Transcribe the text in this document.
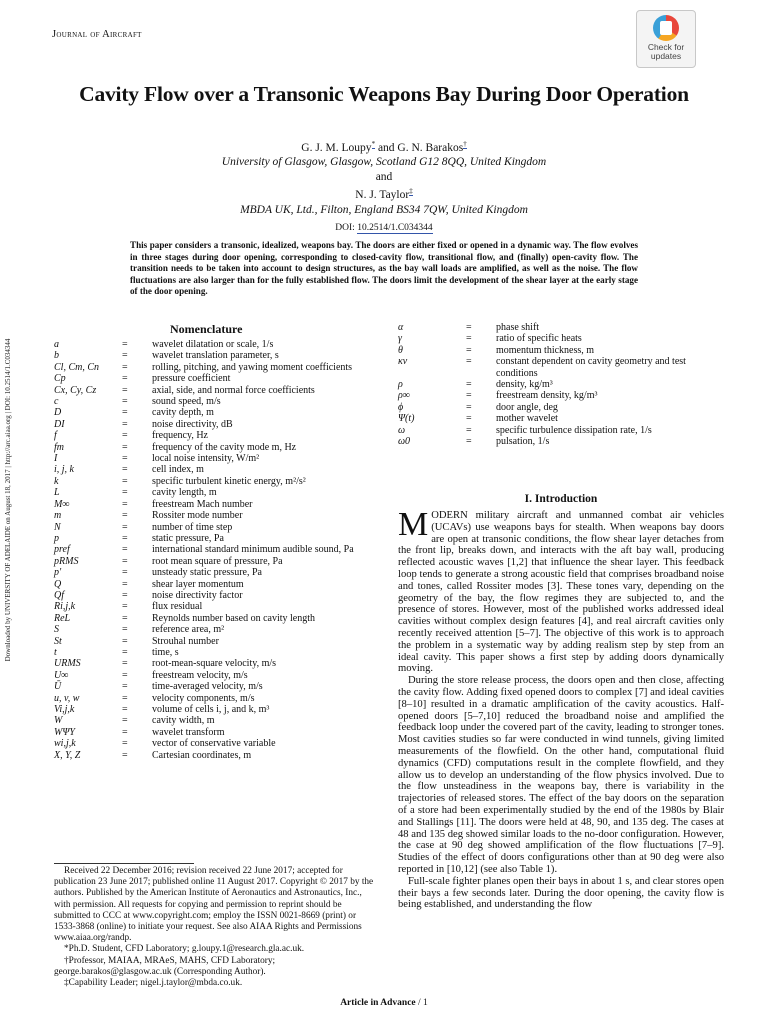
Journal of Aircraft
Check for
updates
Downloaded by UNIVERSITY OF ADELAIDE on August 18, 2017 | http://arc.aiaa.org | DOI: 10.2514/1.C034344
Cavity Flow over a Transonic Weapons Bay During Door Operation
G. J. M. Loupy* and G. N. Barakos†
University of Glasgow, Glasgow, Scotland G12 8QQ, United Kingdom
and
N. J. Taylor‡
MBDA UK, Ltd., Filton, England BS34 7QW, United Kingdom
DOI: 10.2514/1.C034344

This paper considers a transonic, idealized, weapons bay. The doors are either fixed or opened in a dynamic way. The flow evolves in three stages during door opening, corresponding to closed-cavity flow, transitional flow, and (finally) open-cavity flow. The transition needs to be taken into account to design structures, as the bay wall loads are amplified, as well as the noise. The flow fluctuations are also larger than for the fully established flow. The doors limit the development of the shear layer at the early stage of the door opening.

Nomenclature
a	=	wavelet dilatation or scale, 1/s
b	=	wavelet translation parameter, s
Cl, Cm, Cn	=	rolling, pitching, and yawing moment coefficients
Cp	=	pressure coefficient
Cx, Cy, Cz	=	axial, side, and normal force coefficients
c	=	sound speed, m/s
D	=	cavity depth, m
DI	=	noise directivity, dB
f	=	frequency, Hz
fm	=	frequency of the cavity mode m, Hz
I	=	local noise intensity, W/m²
i, j, k	=	cell index, m
k	=	specific turbulent kinetic energy, m²/s²
L	=	cavity length, m
M∞	=	freestream Mach number
m	=	Rossiter mode number
N	=	number of time step
p	=	static pressure, Pa
pref	=	international standard minimum audible sound, Pa
pRMS	=	root mean square of pressure, Pa
p′	=	unsteady static pressure, Pa
Q	=	shear layer momentum
Qf	=	noise directivity factor
Ri,j,k	=	flux residual
ReL	=	Reynolds number based on cavity length
S	=	reference area, m²
St	=	Strouhal number
t	=	time, s
URMS	=	root-mean-square velocity, m/s
U∞	=	freestream velocity, m/s
Ū	=	time-averaged velocity, m/s
u, v, w	=	velocity components, m/s
Vi,j,k	=	volume of cells i, j, and k, m³
W	=	cavity width, m
WΨY	=	wavelet transform
wi,j,k	=	vector of conservative variable
X, Y, Z	=	Cartesian coordinates, m
α	=	phase shift
γ	=	ratio of specific heats
θ	=	momentum thickness, m
κv	=	constant dependent on cavity geometry and test conditions
ρ	=	density, kg/m³
ρ∞	=	freestream density, kg/m³
ϕ	=	door angle, deg
Ψ(t)	=	mother wavelet
ω	=	specific turbulence dissipation rate, 1/s
ω0	=	pulsation, 1/s

Received 22 December 2016; revision received 22 June 2017; accepted for publication 23 June 2017; published online 11 August 2017. Copyright © 2017 by the authors. Published by the American Institute of Aeronautics and Astronautics, Inc., with permission. All requests for copying and permission to reprint should be submitted to CCC at www.copyright.com; employ the ISSN 0021-8669 (print) or 1533-3868 (online) to initiate your request. See also AIAA Rights and Permissions www.aiaa.org/randp.

*Ph.D. Student, CFD Laboratory; g.loupy.1@research.gla.ac.uk.

†Professor, MAIAA, MRAeS, MAHS, CFD Laboratory; george.barakos@glasgow.ac.uk (Corresponding Author).

‡Capability Leader; nigel.j.taylor@mbda.co.uk.

I. Introduction

MODERN military aircraft and unmanned combat air vehicles (UCAVs) use weapons bays for stealth. When weapons bay doors are open at transonic conditions, the flow shear layer detaches from the front lip, breaks down, and interacts with the aft bay wall, producing reflected acoustic waves [1,2] that influence the shear layer. This feedback loop tends to generate a strong acoustic field that comprises broadband noise and tones, called Rossiter modes [3]. These tones vary, depending on the geometry of the bay, the flow regimes they are subjected to, and the presence of stores. However, most of the published works addressed ideal cavities without complex design features [4], and real aircraft cavities only recently received attention [5–7]. The objective of this work is to approach the problem in a systematic way by adding realism step by step from an ideal cavity. This paper shows a first step by adding doors dynamically moving.

During the store release process, the doors open and then close, affecting the cavity flow. Adding fixed opened doors to complex [7] and ideal cavities [8–10] resulted in a dramatic amplification of the cavity acoustics. Half-opened doors [5–7,10] reduced the broadband noise and amplified the feedback loop under the covered part of the cavity, leading to stronger tones. Most cavities studies so far were conducted in wind tunnels, giving limited measurements of the flowfield. On the other hand, computational fluid dynamics (CFD) computations result in the complete flowfield, and they allow us to develop an understanding of the flow physics involved. Due to the flow unsteadiness in the weapons bay, there is variability in the trajectories of released stores. The effect of the bay doors on the separation of a store had been experimentally studied by the end of the 1980s by Blair and Stallings [11]. The doors were held at 48, 90, and 135 deg. The cases at 48 and 135 deg showed similar loads to the no-door configuration. However, the case at 90 deg showed amplification of the flow fluctuations [7–9]. Studies of the effect of doors configurations other than at 90 deg were also reported in [10,12] (see also Table 1).

Full-scale fighter planes open their bays in about 1 s, and clear stores open their bays a few seconds later. During the door opening, the cavity flow is being established, and understanding the flow

Article in Advance / 1
